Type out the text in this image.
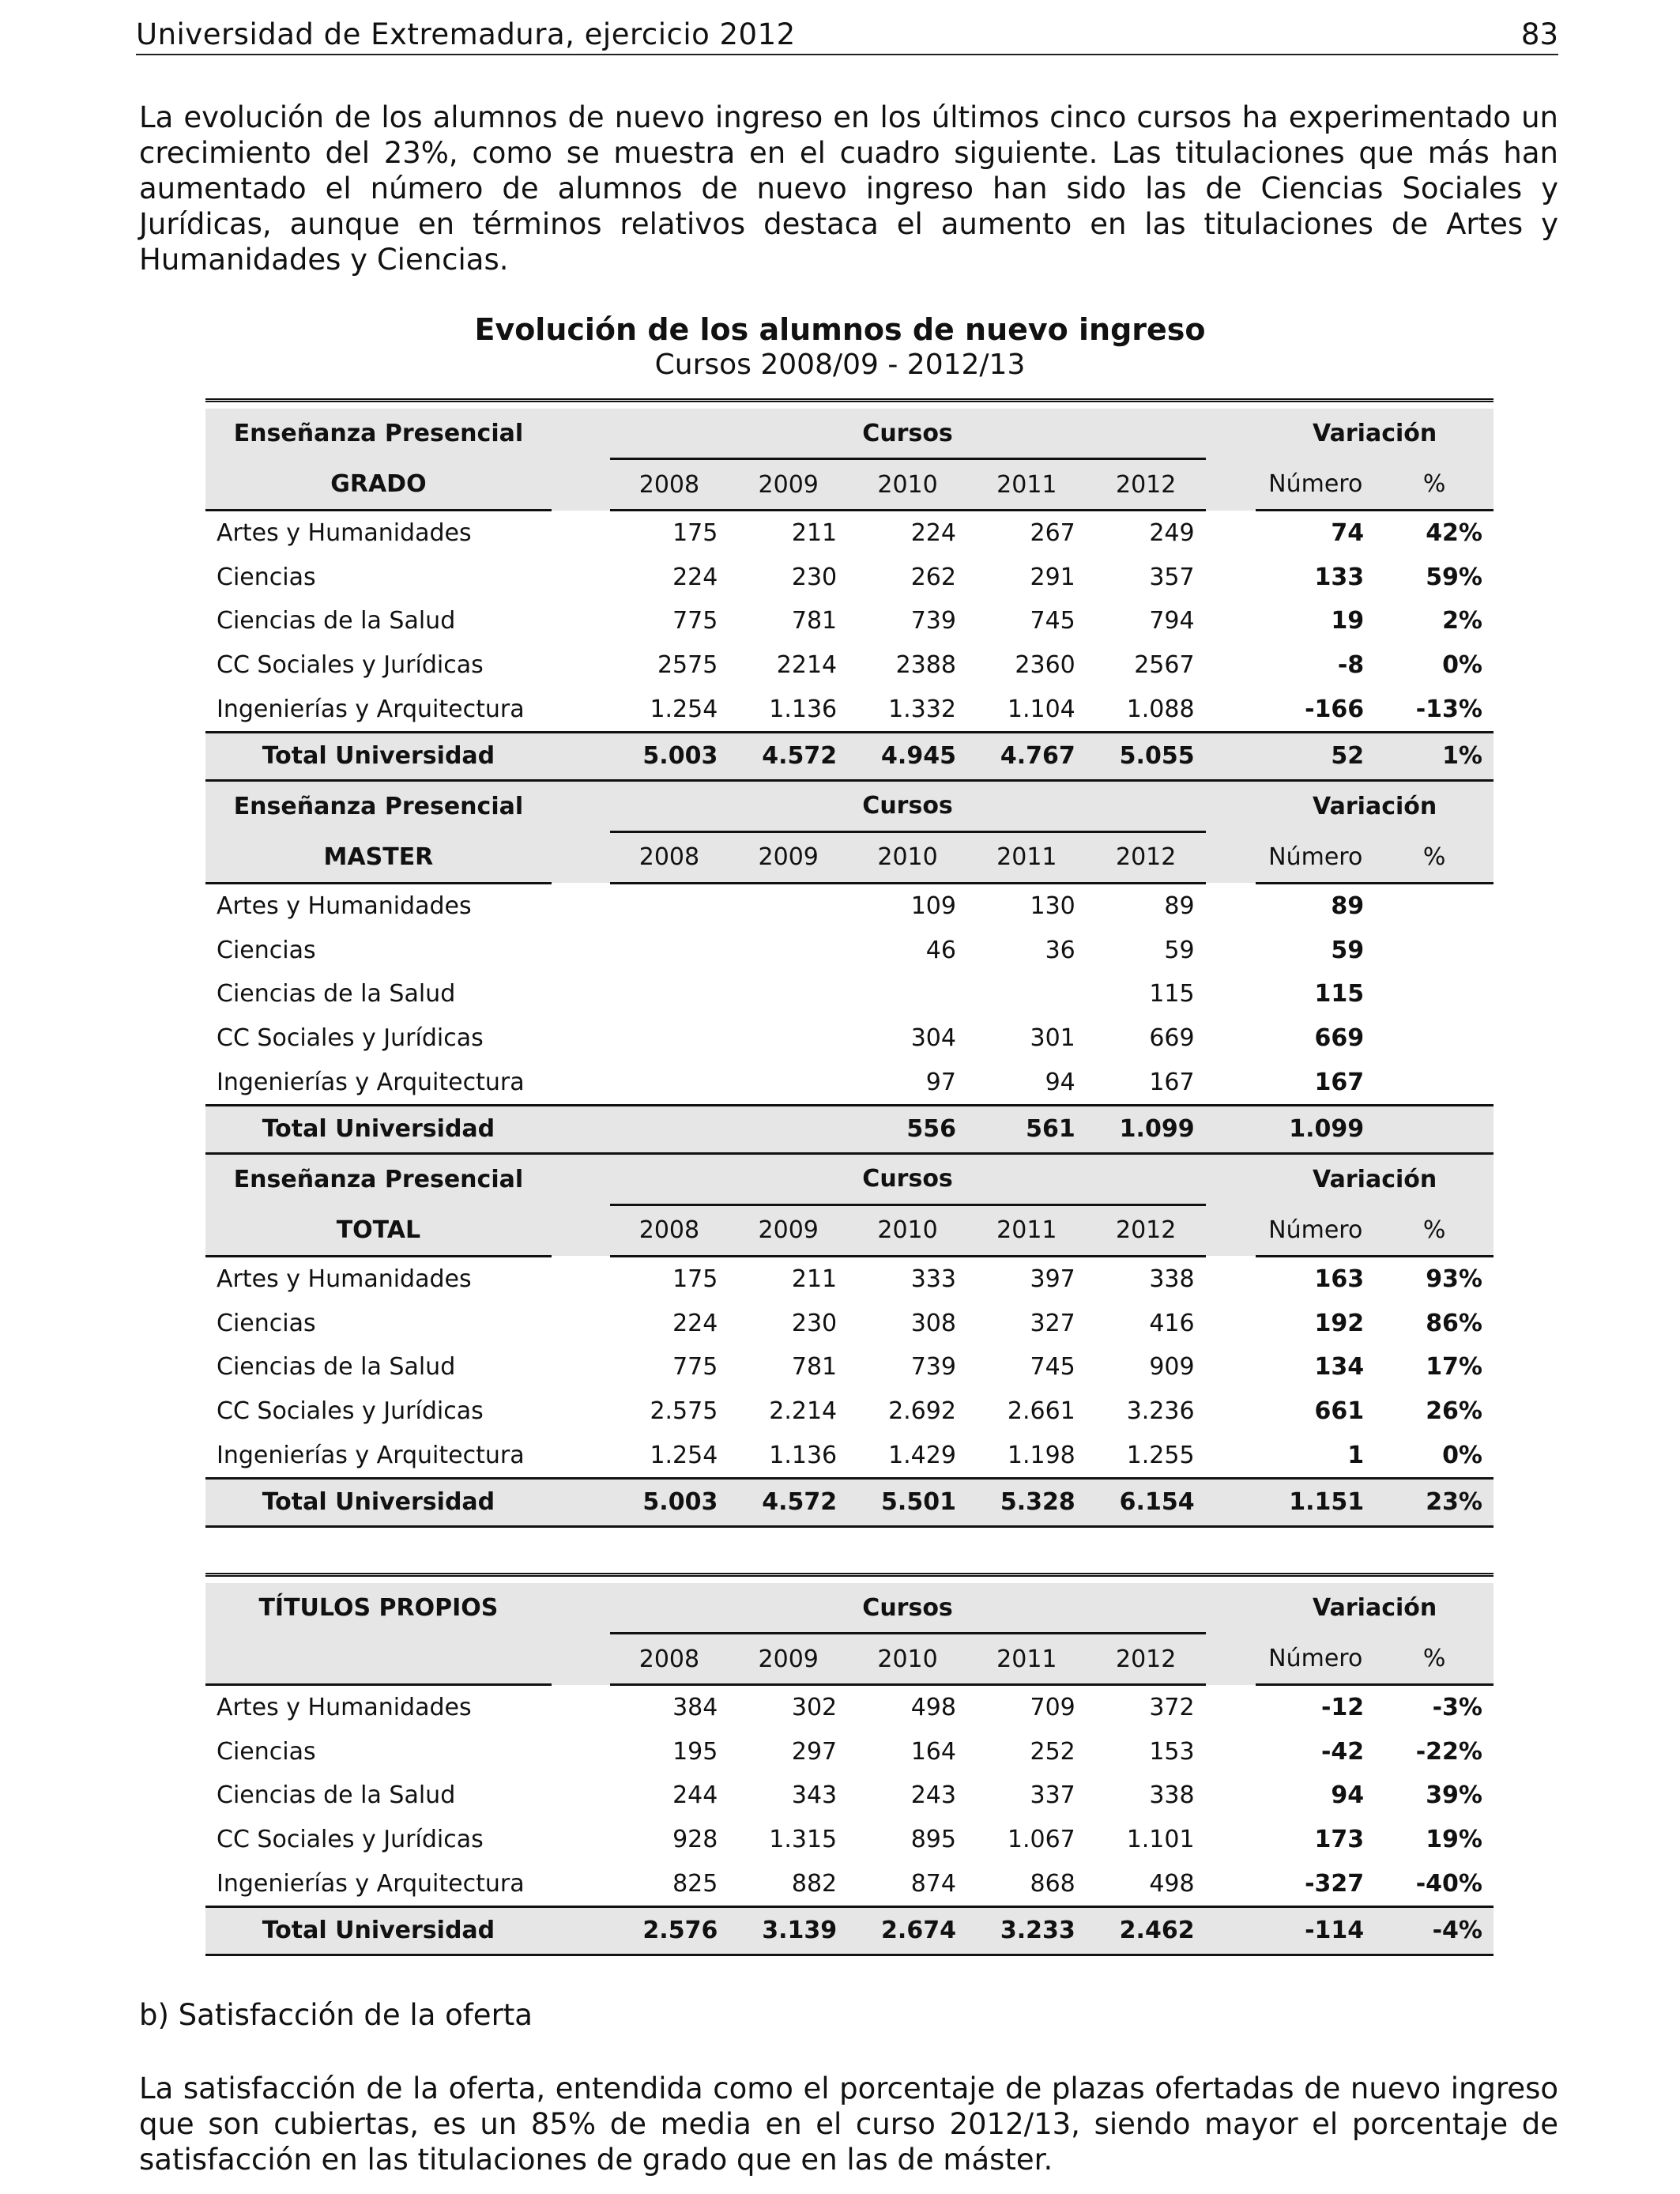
Universidad de Extremadura, ejercicio 2012	83
La evolución de los alumnos de nuevo ingreso en los últimos cinco cursos ha experimentado un crecimiento del 23%, como se muestra en el cuadro siguiente. Las titulaciones que más han aumentado el número de alumnos de nuevo ingreso han sido las de Ciencias Sociales y Jurídicas, aunque en términos relativos destaca el aumento en las titulaciones de Artes y Humanidades y Ciencias.
Evolución de los alumnos de nuevo ingreso
Cursos 2008/09 - 2012/13

Enseñanza Presencial		Cursos						Variación	
GRADO		2008	2009	2010	2011	2012		Número	%
Artes y Humanidades		175	211	224	267	249		74	42%
Ciencias		224	230	262	291	357		133	59%
Ciencias de la Salud		775	781	739	745	794		19	2%
CC Sociales y Jurídicas		2575	2214	2388	2360	2567		-8	0%
Ingenierías y Arquitectura		1.254	1.136	1.332	1.104	1.088		-166	-13%
Total Universidad		5.003	4.572	4.945	4.767	5.055		52	1%
Enseñanza Presencial		Cursos						Variación	
MASTER		2008	2009	2010	2011	2012		Número	%
Artes y Humanidades				109	130	89		89	
Ciencias				46	36	59		59	
Ciencias de la Salud						115		115	
CC Sociales y Jurídicas				304	301	669		669	
Ingenierías y Arquitectura				97	94	167		167	
Total Universidad				556	561	1.099		1.099	
Enseñanza Presencial		Cursos						Variación	
TOTAL		2008	2009	2010	2011	2012		Número	%
Artes y Humanidades		175	211	333	397	338		163	93%
Ciencias		224	230	308	327	416		192	86%
Ciencias de la Salud		775	781	739	745	909		134	17%
CC Sociales y Jurídicas		2.575	2.214	2.692	2.661	3.236		661	26%
Ingenierías y Arquitectura		1.254	1.136	1.429	1.198	1.255		1	0%
Total Universidad		5.003	4.572	5.501	5.328	6.154		1.151	23%

TÍTULOS PROPIOS		Cursos						Variación	
		2008	2009	2010	2011	2012		Número	%
Artes y Humanidades		384	302	498	709	372		-12	-3%
Ciencias		195	297	164	252	153		-42	-22%
Ciencias de la Salud		244	343	243	337	338		94	39%
CC Sociales y Jurídicas		928	1.315	895	1.067	1.101		173	19%
Ingenierías y Arquitectura		825	882	874	868	498		-327	-40%
Total Universidad		2.576	3.139	2.674	3.233	2.462		-114	-4%

b) Satisfacción de la oferta
La satisfacción de la oferta, entendida como el porcentaje de plazas ofertadas de nuevo ingreso que son cubiertas, es un 85% de media en el curso 2012/13, siendo mayor el porcentaje de satisfacción en las titulaciones de grado que en las de máster.
